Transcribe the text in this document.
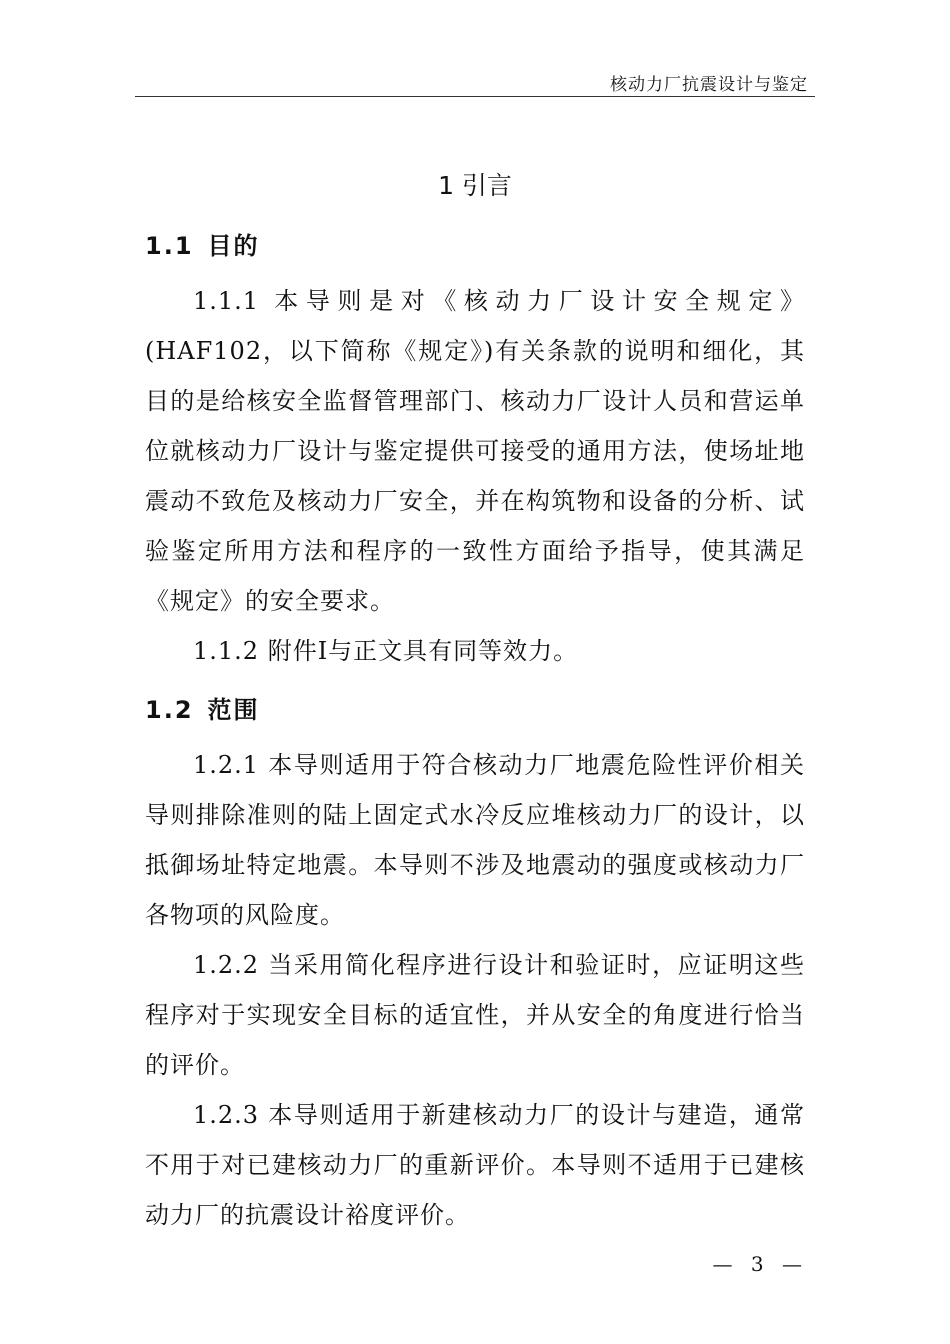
核动力厂抗震设计与鉴定
1 引言
1.1 目的

1.1.1 本导则是对《核动力厂设计安全规定》(HAF102，以下简称《规定》)有关条款的说明和细化，其目的是给核安全监督管理部门、核动力厂设计人员和营运单位就核动力厂设计与鉴定提供可接受的通用方法，使场址地震动不致危及核动力厂安全，并在构筑物和设备的分析、试验鉴定所用方法和程序的一致性方面给予指导，使其满足《规定》的安全要求。

1.1.2 附件Ⅰ与正文具有同等效力。

1.2 范围

1.2.1 本导则适用于符合核动力厂地震危险性评价相关导则排除准则的陆上固定式水冷反应堆核动力厂的设计，以抵御场址特定地震。本导则不涉及地震动的强度或核动力厂各物项的风险度。

1.2.2 当采用简化程序进行设计和验证时，应证明这些程序对于实现安全目标的适宜性，并从安全的角度进行恰当的评价。

1.2.3 本导则适用于新建核动力厂的设计与建造，通常不用于对已建核动力厂的重新评价。本导则不适用于已建核动力厂的抗震设计裕度评价。

— 3 —
